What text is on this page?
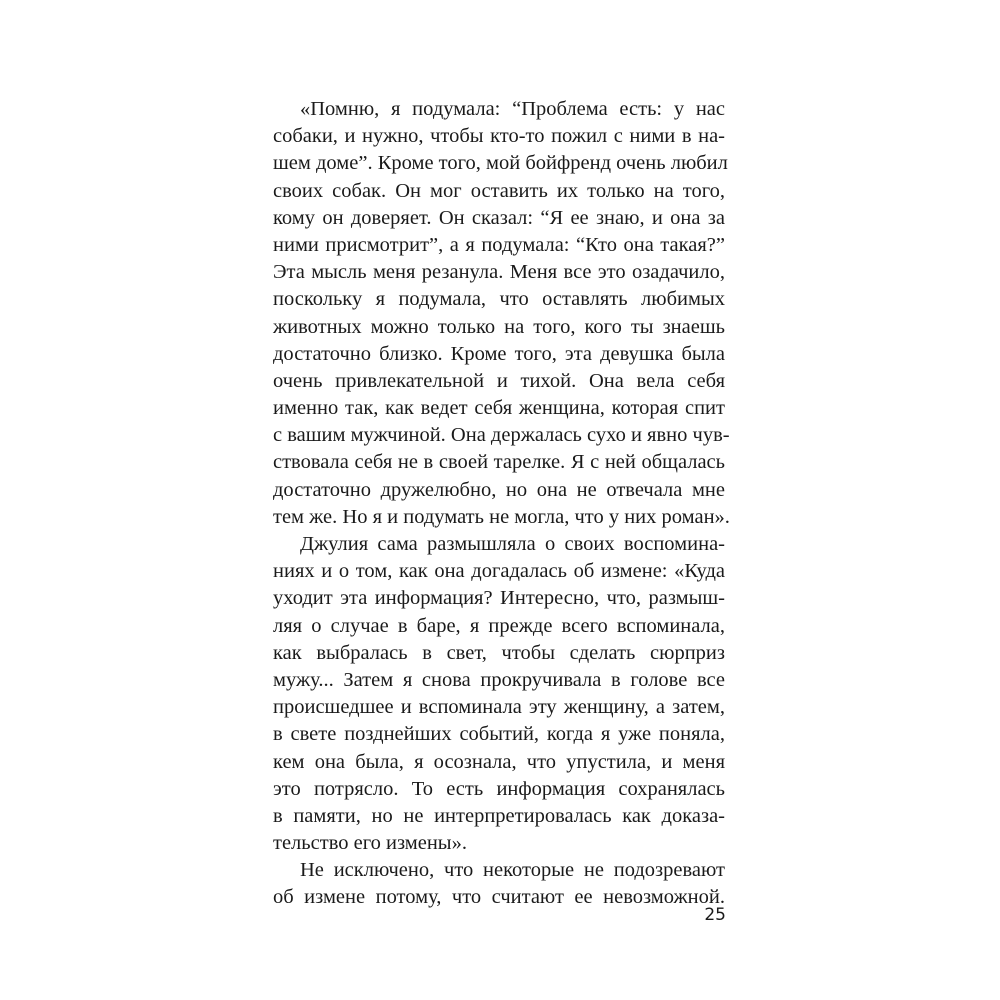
«Помню, я подумала: “Проблема есть: у нас
собаки, и нужно, чтобы кто-то пожил с ними в на-
шем доме”. Кроме того, мой бойфренд очень любил
своих собак. Он мог оставить их только на того,
кому он доверяет. Он сказал: “Я ее знаю, и она за
ними присмотрит”, а я подумала: “Кто она такая?”
Эта мысль меня резанула. Меня все это озадачило,
поскольку я подумала, что оставлять любимых
животных можно только на того, кого ты знаешь
достаточно близко. Кроме того, эта девушка была
очень привлекательной и тихой. Она вела себя
именно так, как ведет себя женщина, которая спит
с вашим мужчиной. Она держалась сухо и явно чув-
ствовала себя не в своей тарелке. Я с ней общалась
достаточно дружелюбно, но она не отвечала мне
тем же. Но я и подумать не могла, что у них роман».
Джулия сама размышляла о своих воспомина-
ниях и о том, как она догадалась об измене: «Куда
уходит эта информация? Интересно, что, размыш-
ляя о случае в баре, я прежде всего вспоминала,
как выбралась в свет, чтобы сделать сюрприз
мужу... Затем я снова прокручивала в голове все
происшедшее и вспоминала эту женщину, а затем,
в свете позднейших событий, когда я уже поняла,
кем она была, я осознала, что упустила, и меня
это потрясло. То есть информация сохранялась
в памяти, но не интерпретировалась как доказа-
тельство его измены».
Не исключено, что некоторые не подозревают
об измене потому, что считают ее невозможной.
25
